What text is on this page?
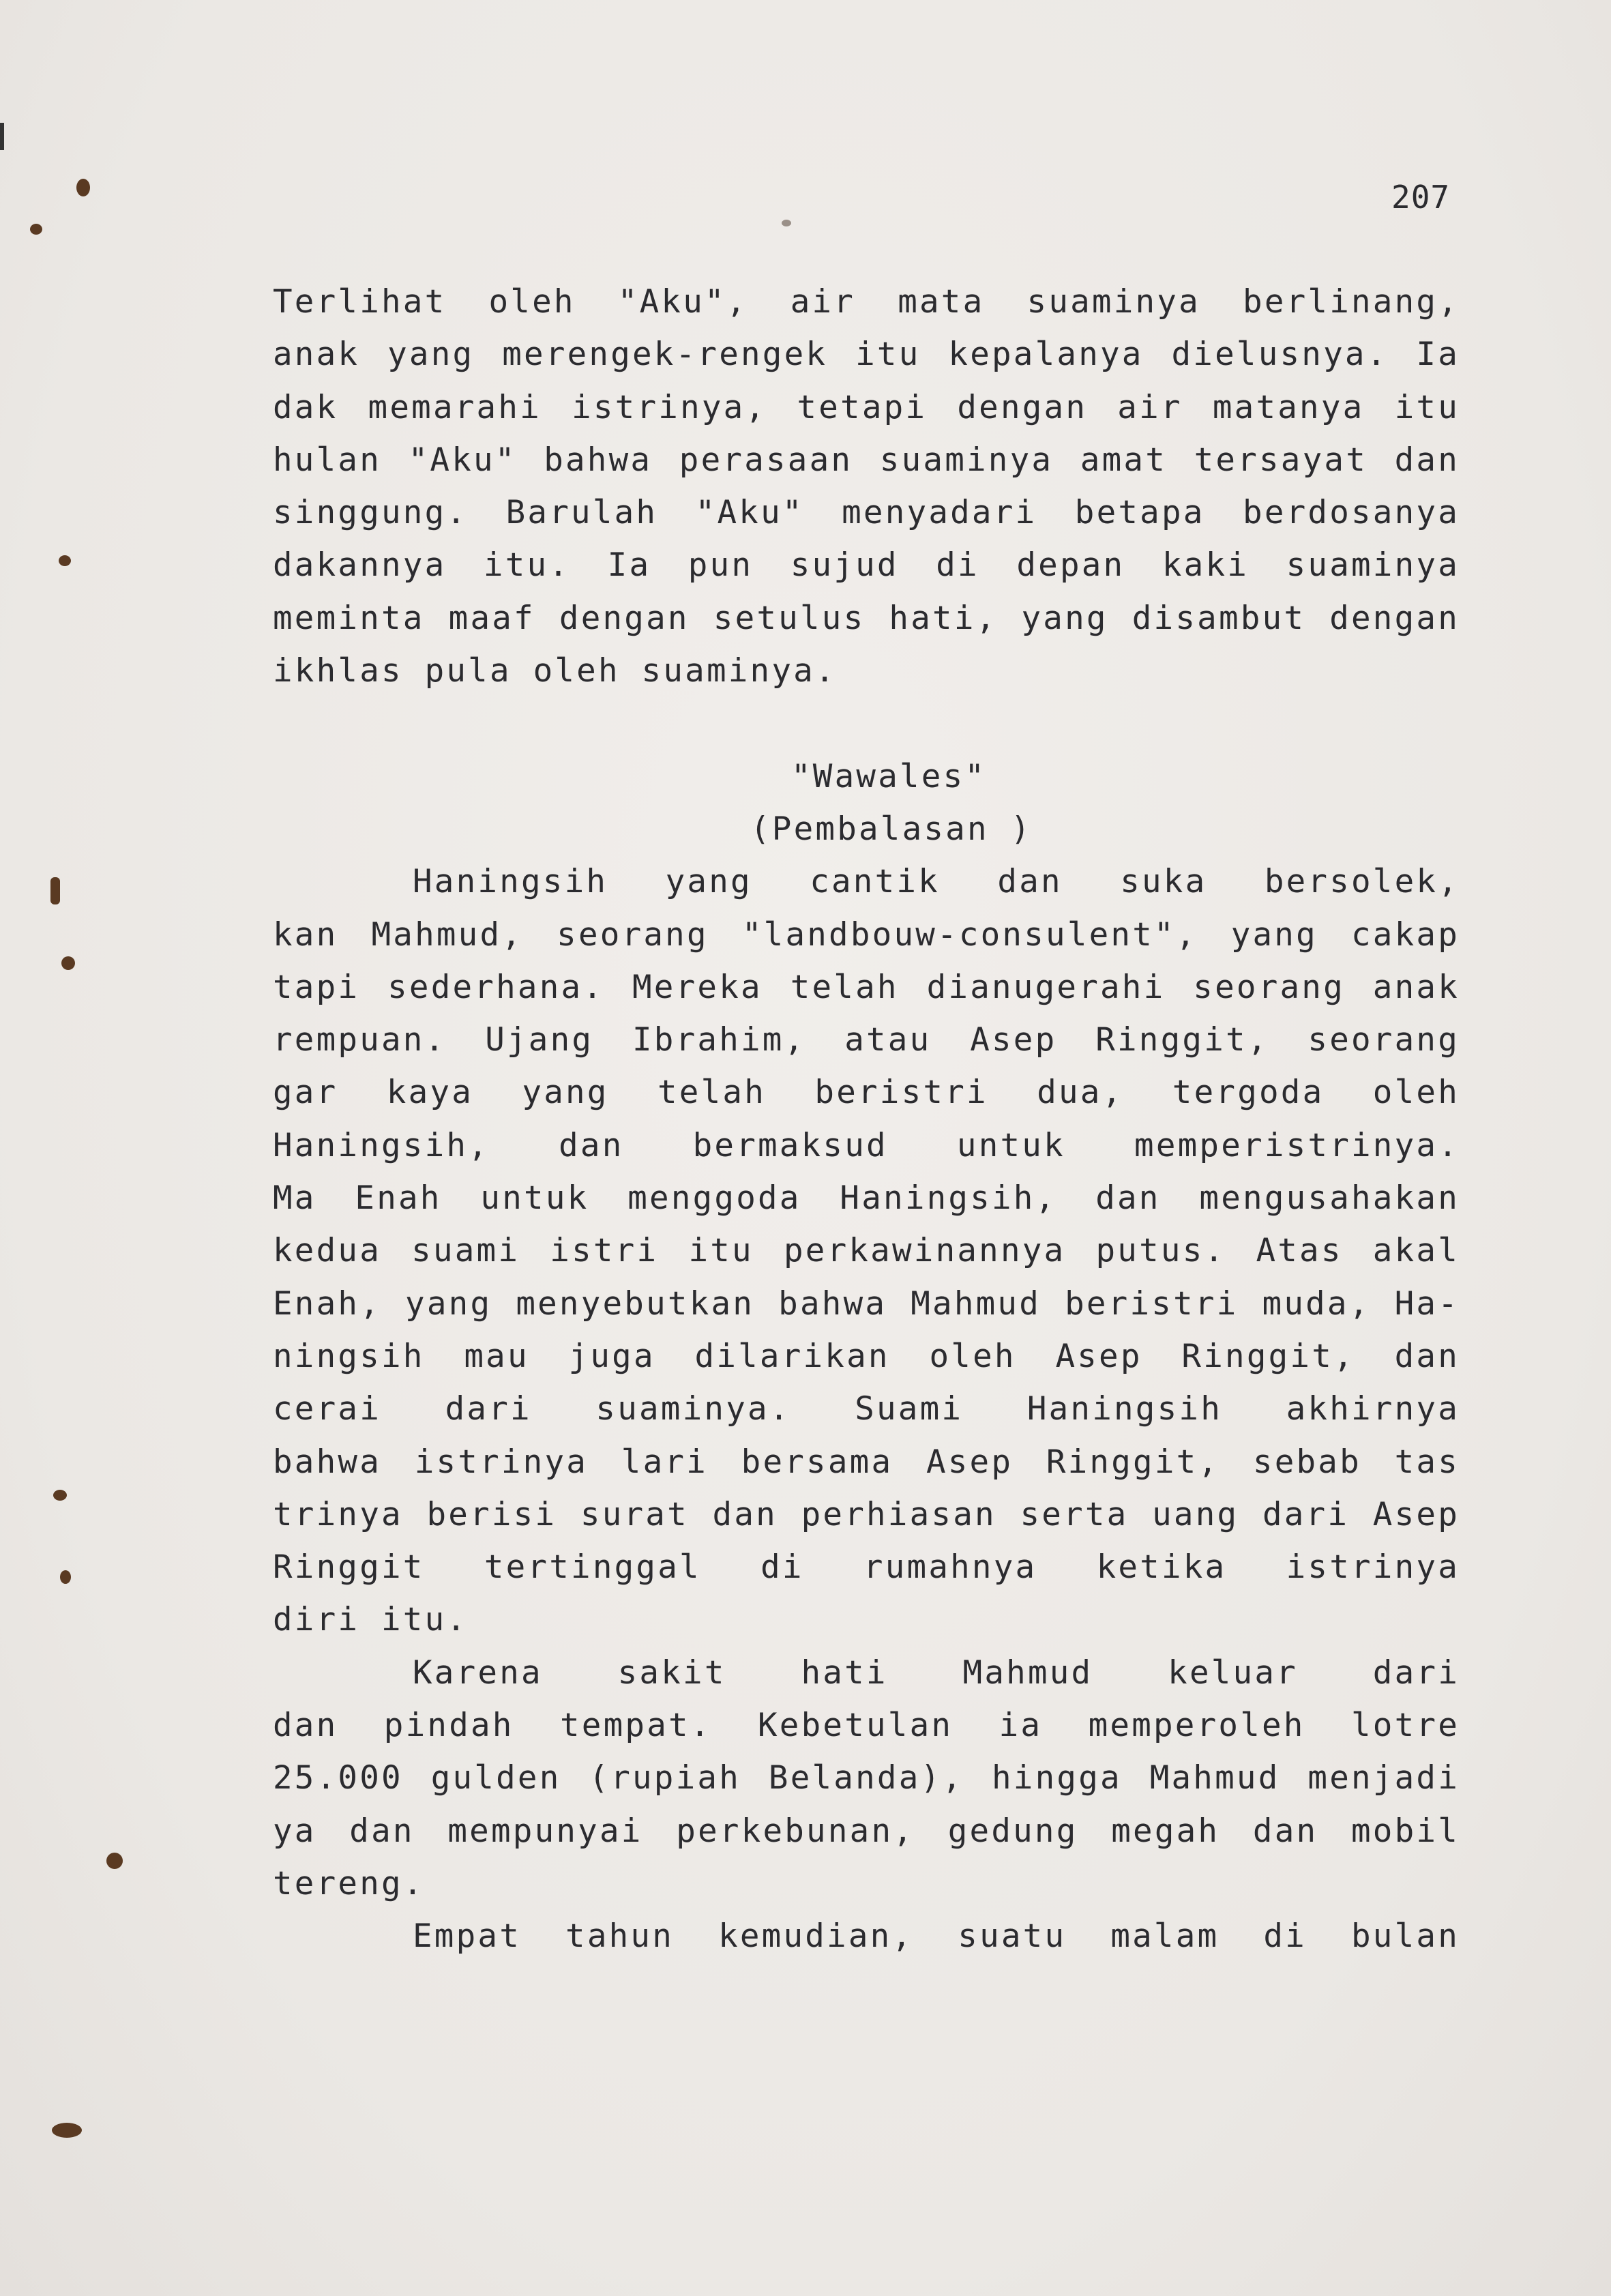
207
Terlihat oleh "Aku", air mata suaminya berlinang,
anak yang merengek-rengek itu kepalanya dielusnya. Ia
dak memarahi istrinya, tetapi dengan air matanya itu
hulan "Aku" bahwa perasaan suaminya amat tersayat dan
singgung. Barulah "Aku" menyadari betapa berdosanya
dakannya itu. Ia pun sujud di depan kaki suaminya
meminta maaf dengan setulus hati, yang disambut dengan
ikhlas pula oleh suaminya.
"Wawales"
(Pembalasan )
Haningsih yang cantik dan suka bersolek,
kan Mahmud, seorang "landbouw-consulent", yang cakap
tapi sederhana. Mereka telah dianugerahi seorang anak
rempuan. Ujang Ibrahim, atau Asep Ringgit, seorang
gar kaya yang telah beristri dua, tergoda oleh
Haningsih, dan bermaksud untuk memperistrinya.
Ma Enah untuk menggoda Haningsih, dan mengusahakan
kedua suami istri itu perkawinannya putus. Atas akal
Enah, yang menyebutkan bahwa Mahmud beristri muda, Ha-
ningsih mau juga dilarikan oleh Asep Ringgit, dan
cerai dari suaminya. Suami Haningsih akhirnya
bahwa istrinya lari bersama Asep Ringgit, sebab tas
trinya berisi surat dan perhiasan serta uang dari Asep
Ringgit tertinggal di rumahnya ketika istrinya
diri itu.
Karena sakit hati Mahmud keluar dari
dan pindah tempat. Kebetulan ia memperoleh lotre
25.000 gulden (rupiah Belanda), hingga Mahmud menjadi
ya dan mempunyai perkebunan, gedung megah dan mobil
tereng.
Empat tahun kemudian, suatu malam di bulan
